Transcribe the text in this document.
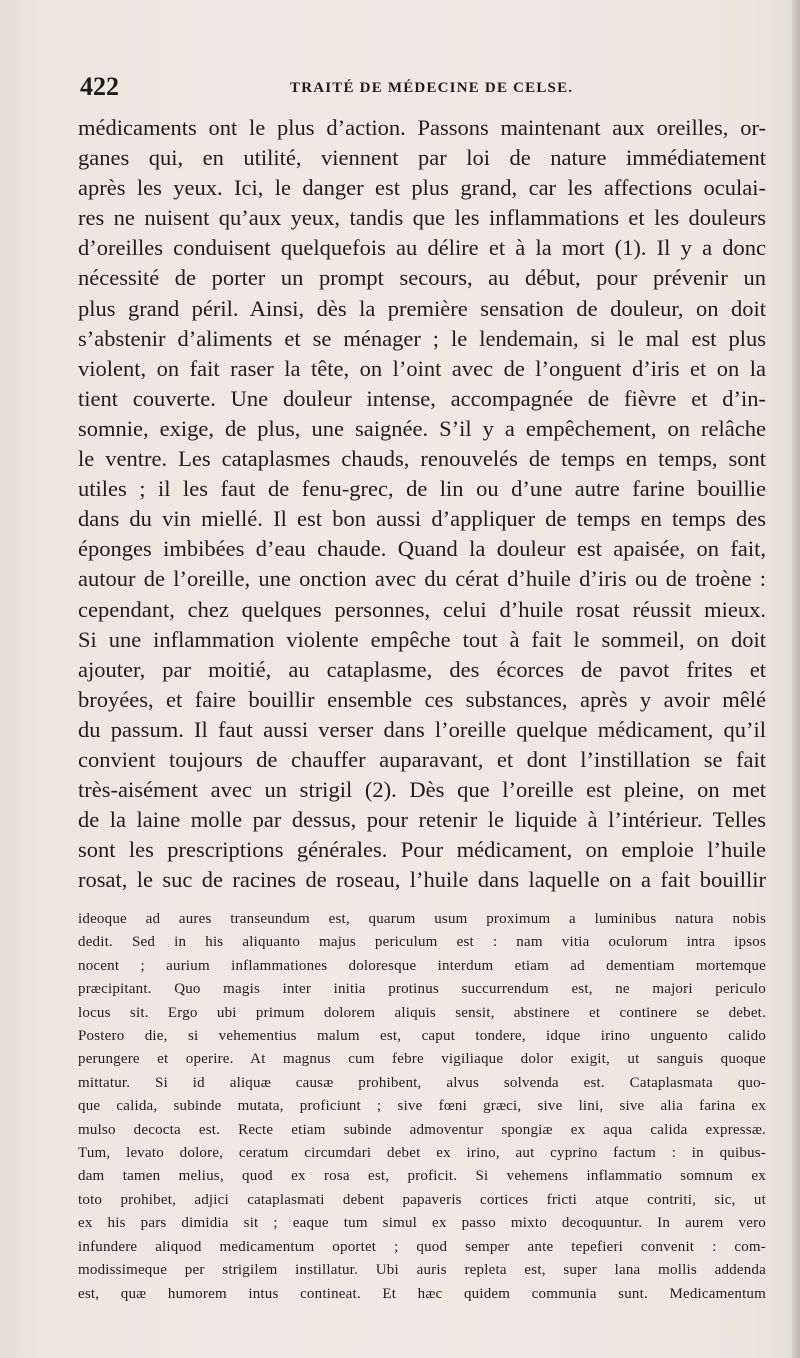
422	TRAITÉ DE MÉDECINE DE CELSE.
médicaments ont le plus d’action. Passons maintenant aux oreilles, or-
ganes qui, en utilité, viennent par loi de nature immédiatement
après les yeux. Ici, le danger est plus grand, car les affections oculai-
res ne nuisent qu’aux yeux, tandis que les inflammations et les douleurs
d’oreilles conduisent quelquefois au délire et à la mort (1). Il y a donc
nécessité de porter un prompt secours, au début, pour prévenir un
plus grand péril. Ainsi, dès la première sensation de douleur, on doit
s’abstenir d’aliments et se ménager ; le lendemain, si le mal est plus
violent, on fait raser la tête, on l’oint avec de l’onguent d’iris et on la
tient couverte. Une douleur intense, accompagnée de fièvre et d’in-
somnie, exige, de plus, une saignée. S’il y a empêchement, on relâche
le ventre. Les cataplasmes chauds, renouvelés de temps en temps, sont
utiles ; il les faut de fenu-grec, de lin ou d’une autre farine bouillie
dans du vin miellé. Il est bon aussi d’appliquer de temps en temps des
éponges imbibées d’eau chaude. Quand la douleur est apaisée, on fait,
autour de l’oreille, une onction avec du cérat d’huile d’iris ou de troène :
cependant, chez quelques personnes, celui d’huile rosat réussit mieux.
Si une inflammation violente empêche tout à fait le sommeil, on doit
ajouter, par moitié, au cataplasme, des écorces de pavot frites et
broyées, et faire bouillir ensemble ces substances, après y avoir mêlé
du passum. Il faut aussi verser dans l’oreille quelque médicament, qu’il
convient toujours de chauffer auparavant, et dont l’instillation se fait
très-aisément avec un strigil (2). Dès que l’oreille est pleine, on met
de la laine molle par dessus, pour retenir le liquide à l’intérieur. Telles
sont les prescriptions générales. Pour médicament, on emploie l’huile
rosat, le suc de racines de roseau, l’huile dans laquelle on a fait bouillir
ideoque ad aures transeundum est, quarum usum proximum a luminibus natura nobis
dedit. Sed in his aliquanto majus periculum est : nam vitia oculorum intra ipsos
nocent ; aurium inflammationes doloresque interdum etiam ad dementiam mortemque
præcipitant. Quo magis inter initia protinus succurrendum est, ne majori periculo
locus sit. Ergo ubi primum dolorem aliquis sensit, abstinere et continere se debet.
Postero die, si vehementius malum est, caput tondere, idque irino unguento calido
perungere et operire. At magnus cum febre vigiliaque dolor exigit, ut sanguis quoque
mittatur. Si id aliquæ causæ prohibent, alvus solvenda est. Cataplasmata quo-
que calida, subinde mutata, proficiunt ; sive fœni græci, sive lini, sive alia farina ex
mulso decocta est. Recte etiam subinde admoventur spongiæ ex aqua calida expressæ.
Tum, levato dolore, ceratum circumdari debet ex irino, aut cyprino factum : in quibus-
dam tamen melius, quod ex rosa est, proficit. Si vehemens inflammatio somnum ex
toto prohibet, adjici cataplasmati debent papaveris cortices fricti atque contriti, sic, ut
ex his pars dimidia sit ; eaque tum simul ex passo mixto decoquuntur. In aurem vero
infundere aliquod medicamentum oportet ; quod semper ante tepefieri convenit : com-
modissimeque per strigilem instillatur. Ubi auris repleta est, super lana mollis addenda
est, quæ humorem intus contineat. Et hæc quidem communia sunt. Medicamentum
